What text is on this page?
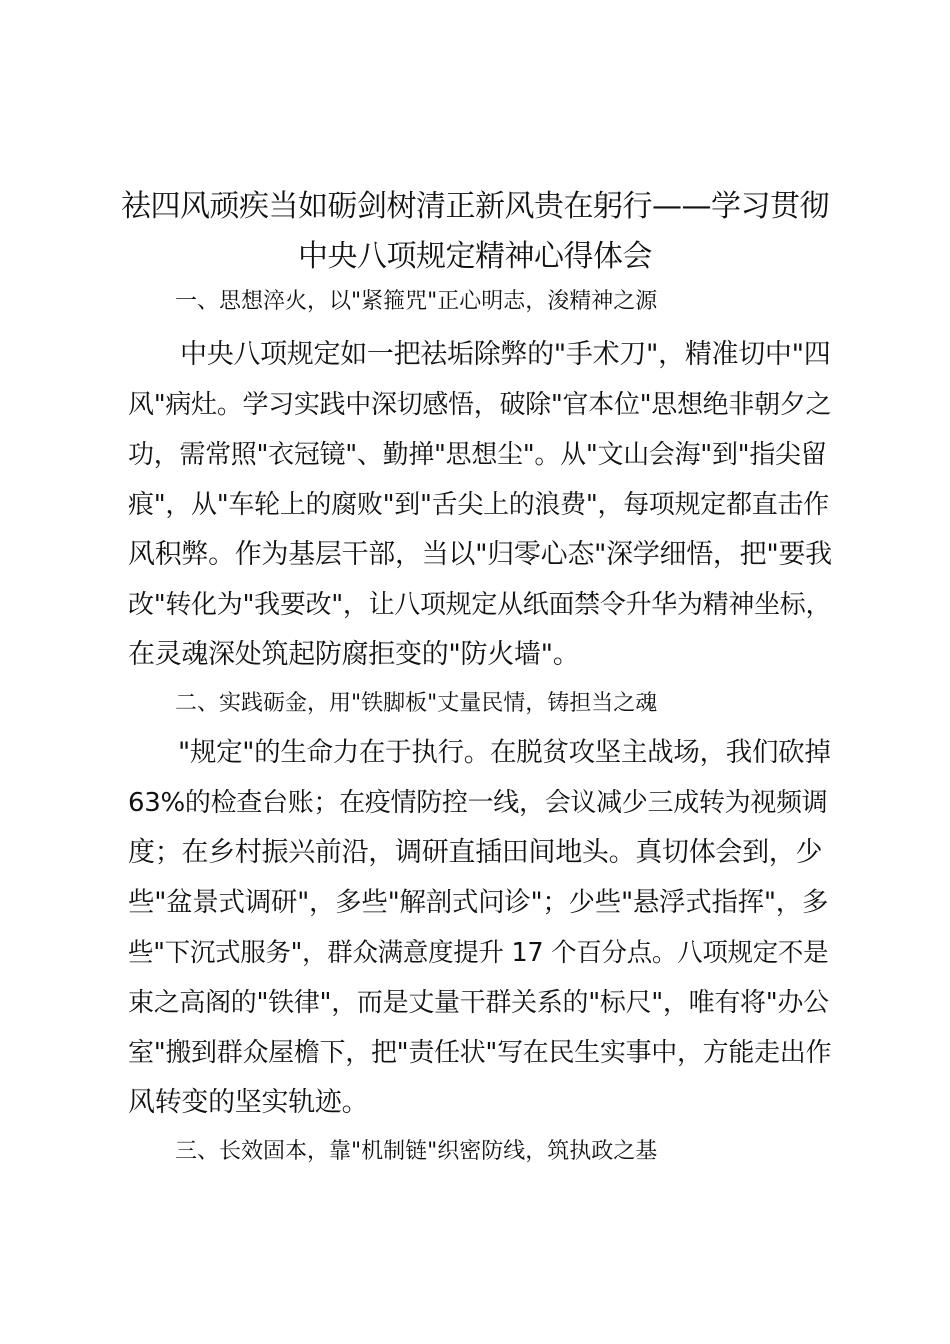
祛四风顽疾当如砺剑树清正新风贵在躬行——学习贯彻
中央八项规定精神心得体会
一、思想淬火，以"紧箍咒"正心明志，浚精神之源

中央八项规定如一把祛垢除弊的"手术刀"，精准切中"四

风"病灶。学习实践中深切感悟，破除"官本位"思想绝非朝夕之

功，需常照"衣冠镜"、勤掸"思想尘"。从"文山会海"到"指尖留

痕"，从"车轮上的腐败"到"舌尖上的浪费"，每项规定都直击作

风积弊。作为基层干部，当以"归零心态"深学细悟，把"要我

改"转化为"我要改"，让八项规定从纸面禁令升华为精神坐标，

在灵魂深处筑起防腐拒变的"防火墙"。

二、实践砺金，用"铁脚板"丈量民情，铸担当之魂

"规定"的生命力在于执行。在脱贫攻坚主战场，我们砍掉

63%的检查台账；在疫情防控一线，会议减少三成转为视频调

度；在乡村振兴前沿，调研直插田间地头。真切体会到，少

些"盆景式调研"，多些"解剖式问诊"；少些"悬浮式指挥"，多

些"下沉式服务"，群众满意度提升 17 个百分点。八项规定不是

束之高阁的"铁律"，而是丈量干群关系的"标尺"，唯有将"办公

室"搬到群众屋檐下，把"责任状"写在民生实事中，方能走出作

风转变的坚实轨迹。

三、长效固本，靠"机制链"织密防线，筑执政之基
